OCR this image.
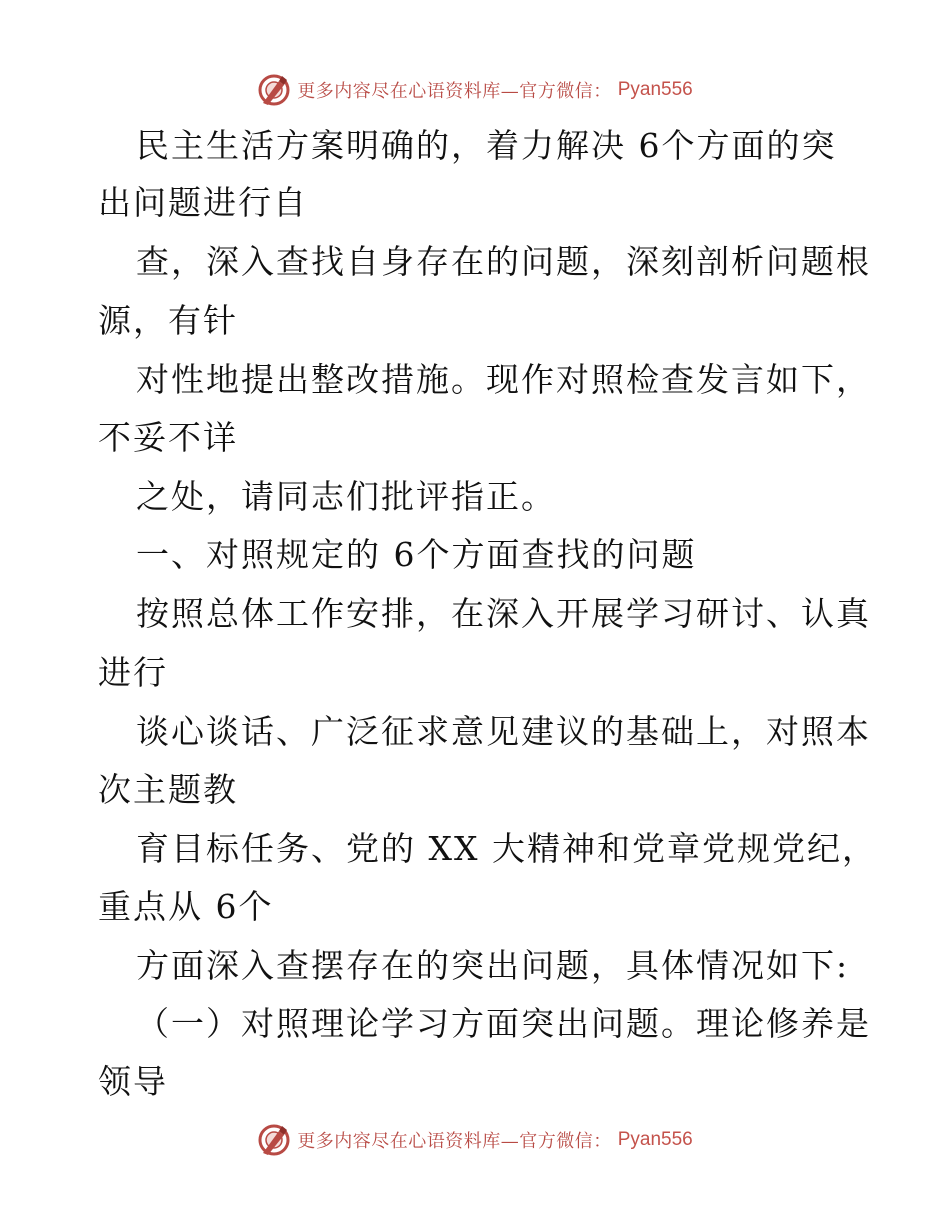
更多内容尽在心语资料库—官方微信： Pyan556
民主生活方案明确的，着力解决 6个方面的突
出问题进行自
查，深入查找自身存在的问题，深刻剖析问题根
源，有针
对性地提出整改措施。现作对照检查发言如下，
不妥不详
之处，请同志们批评指正。
一、对照规定的 6个方面查找的问题
按照总体工作安排，在深入开展学习研讨、认真
进行
谈心谈话、广泛征求意见建议的基础上，对照本
次主题教
育目标任务、党的 XX 大精神和党章党规党纪，
重点从 6个
方面深入查摆存在的突出问题，具体情况如下:
（一）对照理论学习方面突出问题。理论修养是
领导
更多内容尽在心语资料库—官方微信： Pyan556
